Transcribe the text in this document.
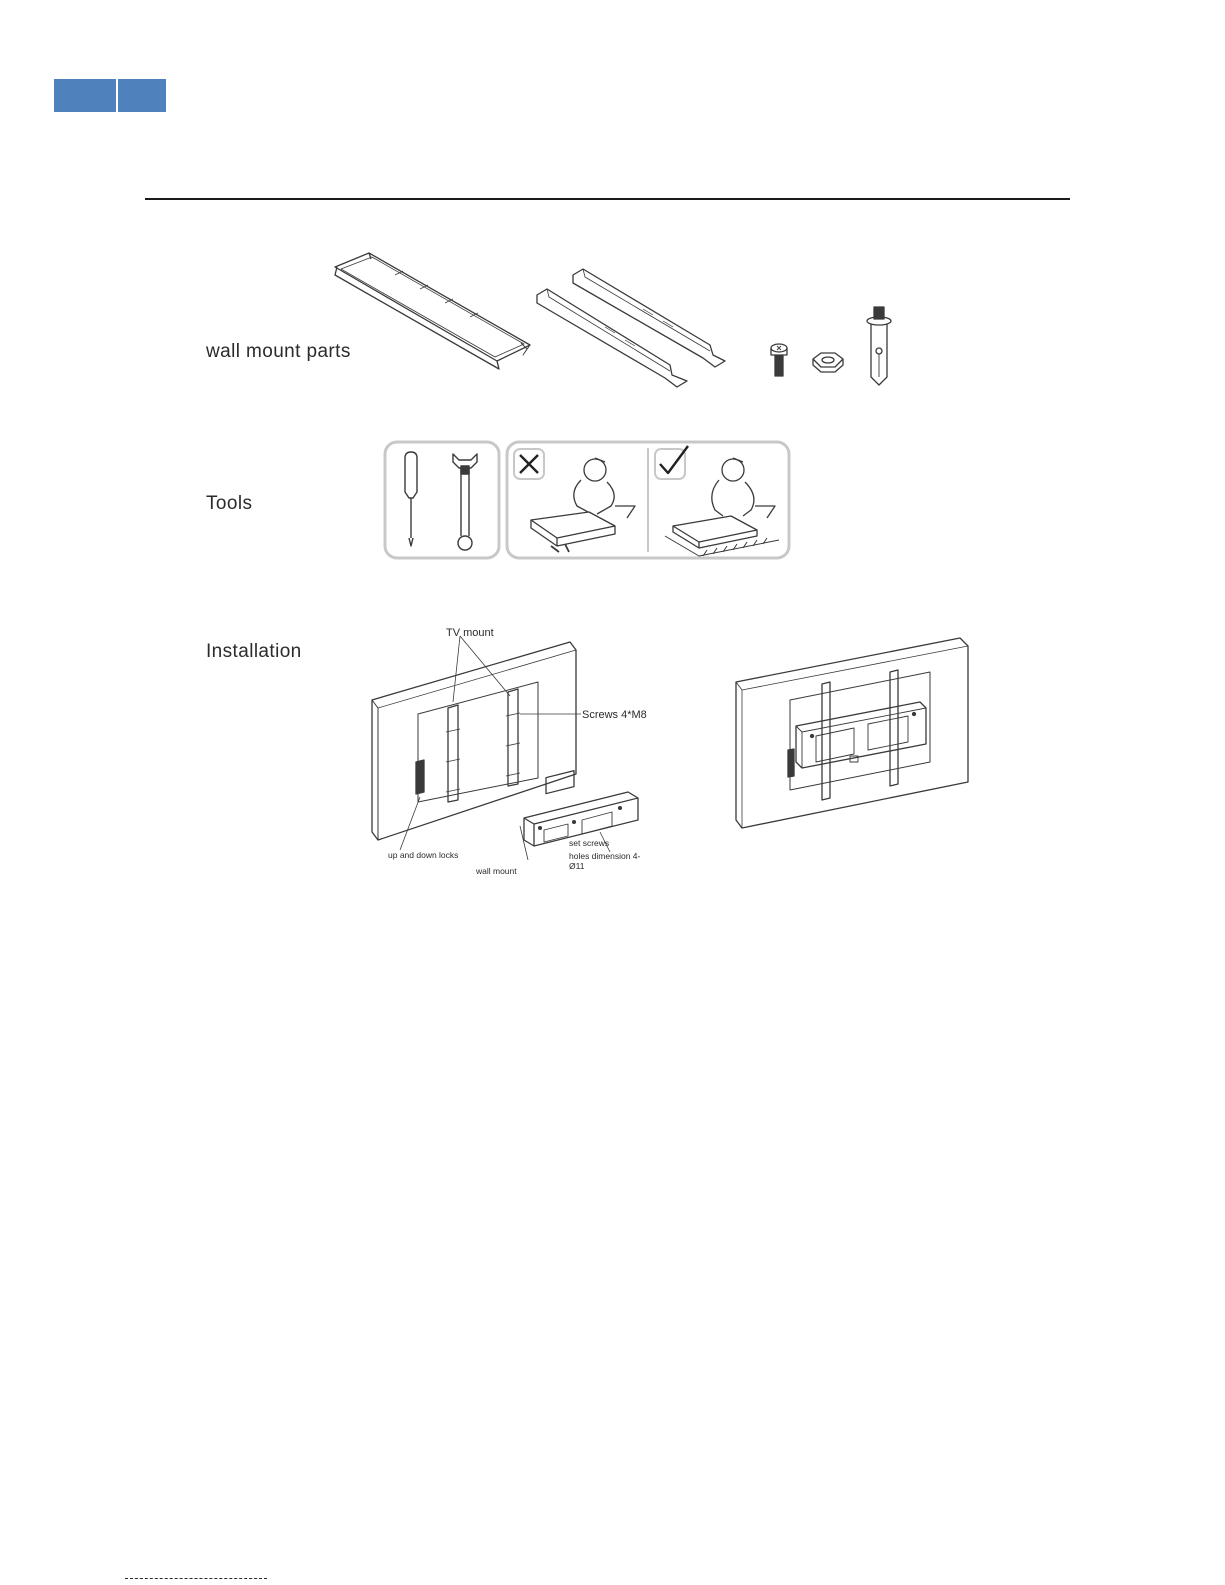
wall mount parts
Tools
Installation
TV mount
Screws 4*M8
up and down locks
wall mount
set screws
holes dimension 4-Ø11
